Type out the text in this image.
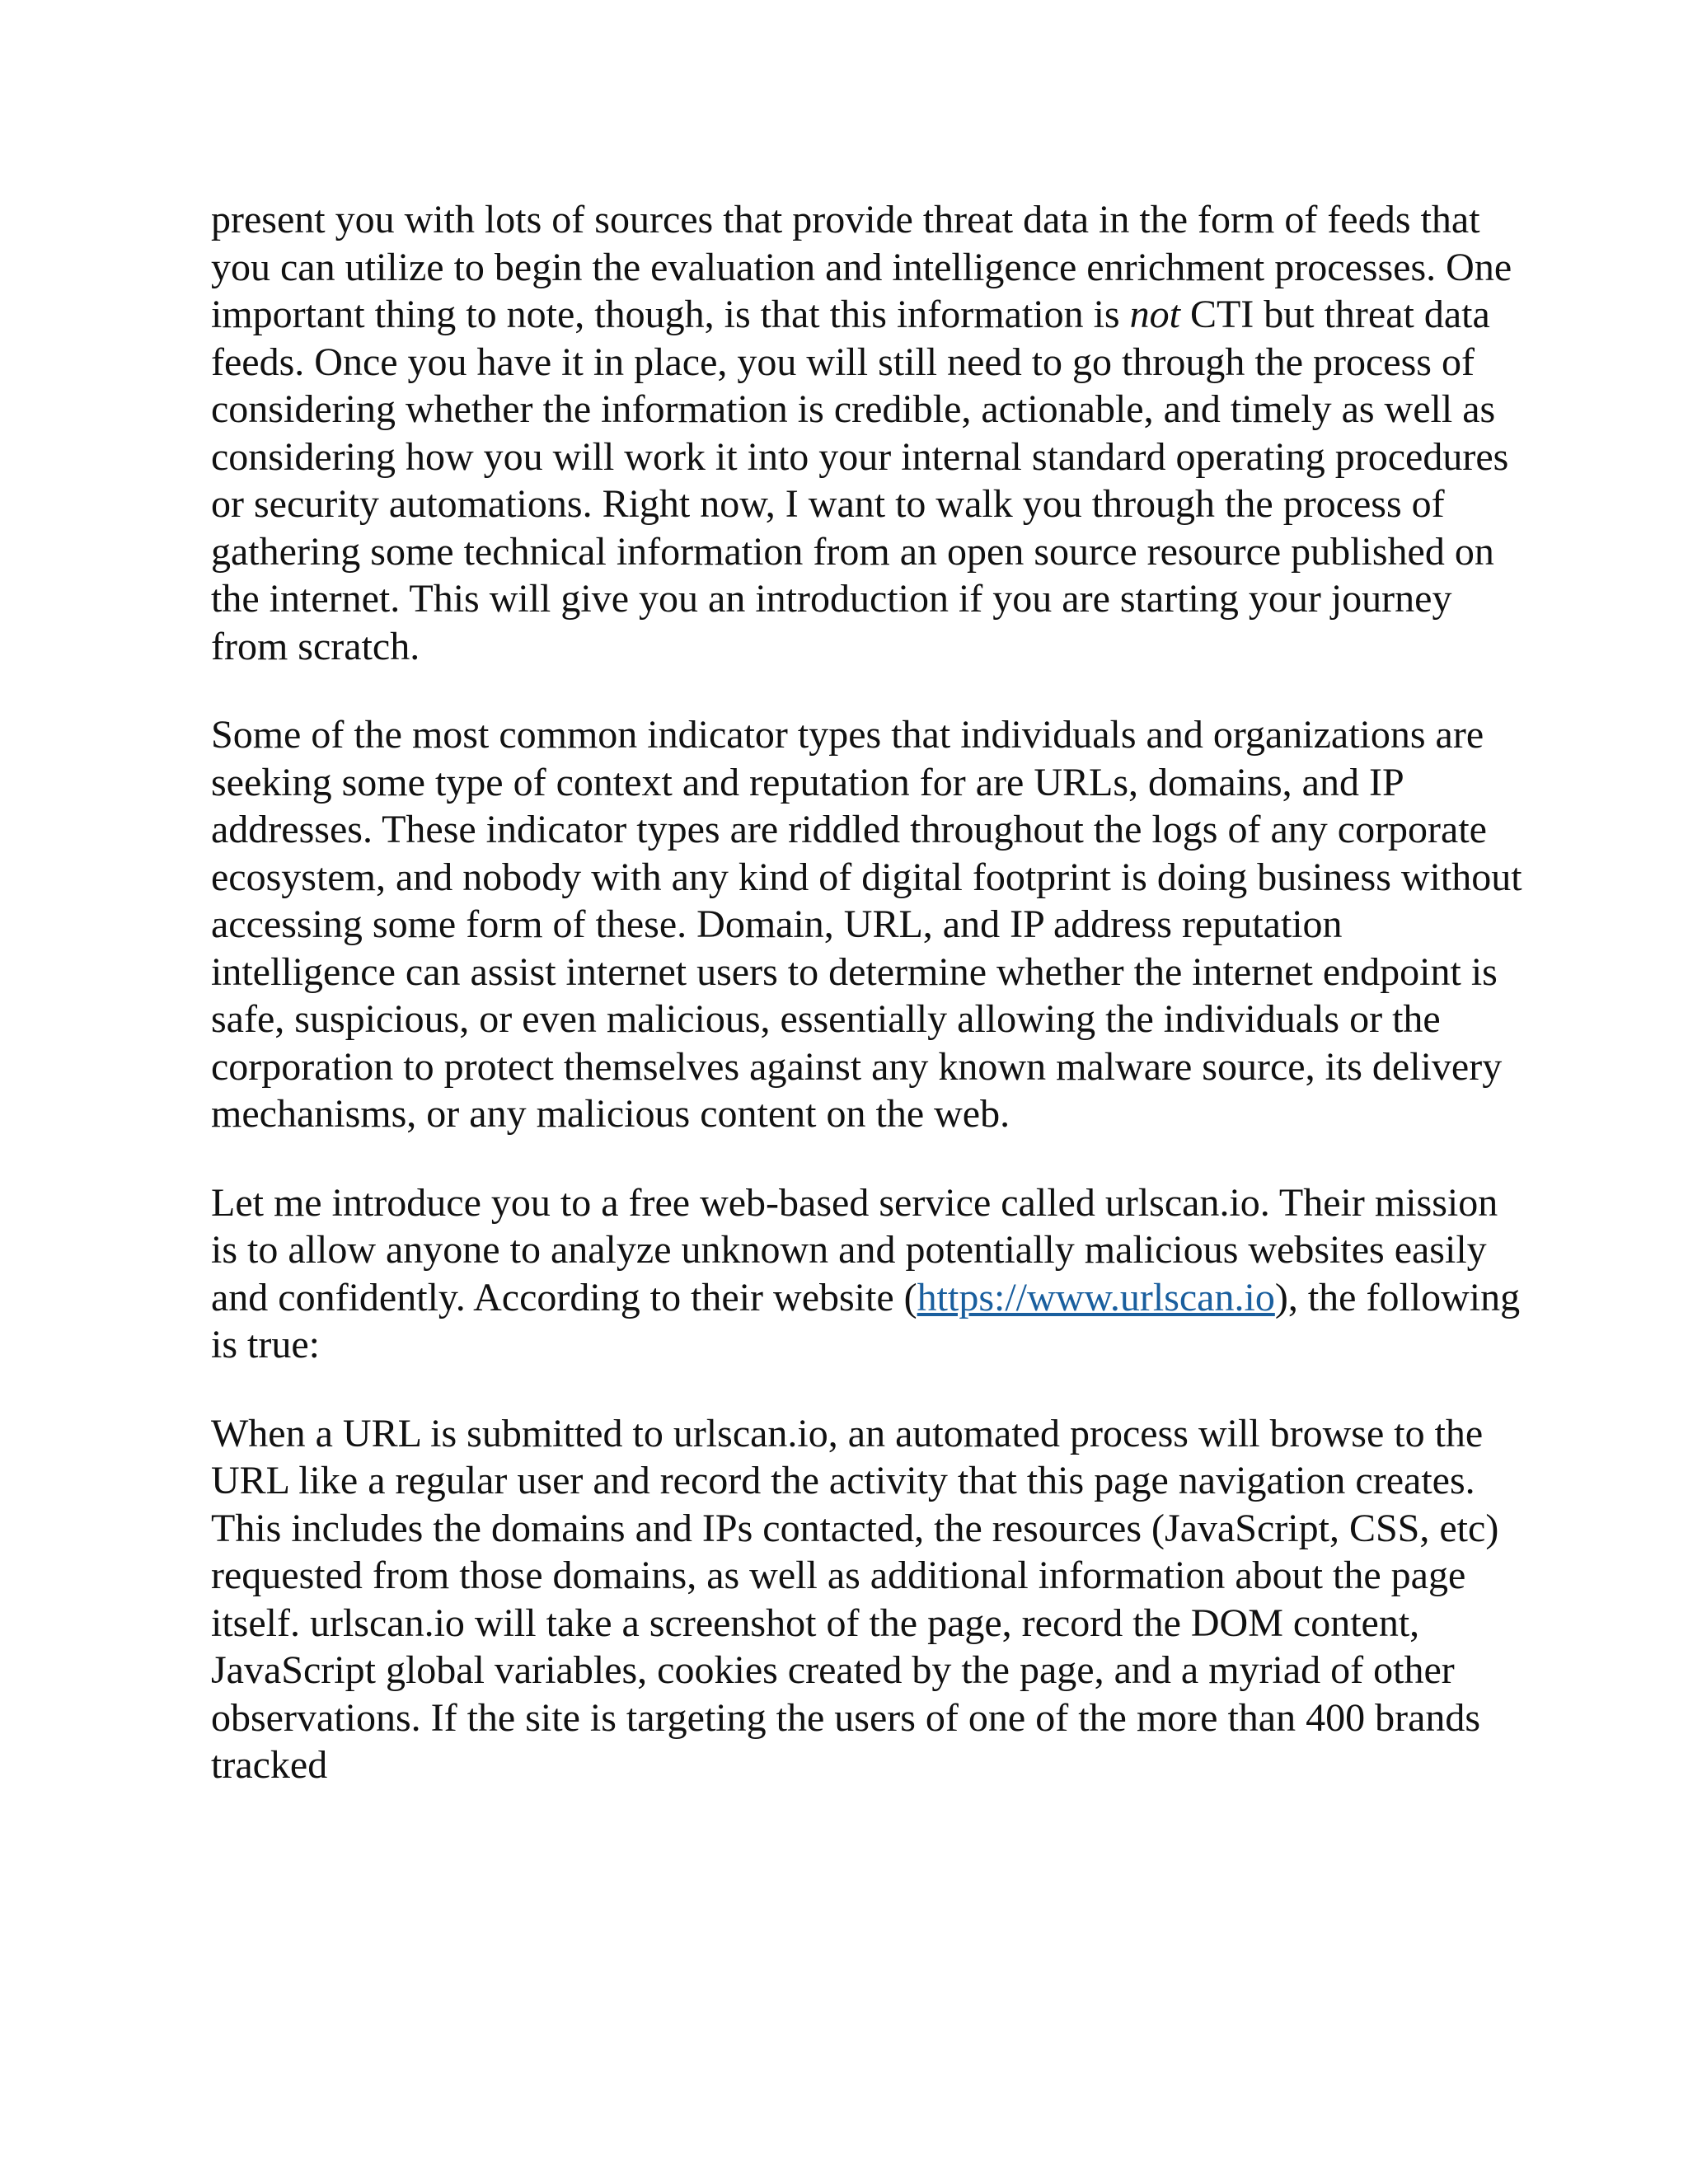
present you with lots of sources that provide threat data in the form of feeds that you can utilize to begin the evaluation and intelligence enrichment processes. One important thing to note, though, is that this information is not CTI but threat data feeds. Once you have it in place, you will still need to go through the process of considering whether the information is credible, actionable, and timely as well as considering how you will work it into your internal standard operating procedures or security automations. Right now, I want to walk you through the process of gathering some technical information from an open source resource published on the internet. This will give you an introduction if you are starting your journey from scratch.

Some of the most common indicator types that individuals and organizations are seeking some type of context and reputation for are URLs, domains, and IP addresses. These indicator types are riddled throughout the logs of any corporate ecosystem, and nobody with any kind of digital footprint is doing business without accessing some form of these. Domain, URL, and IP address reputation intelligence can assist internet users to determine whether the internet endpoint is safe, suspicious, or even malicious, essentially allowing the individuals or the corporation to protect themselves against any known malware source, its delivery mechanisms, or any malicious content on the web.

Let me introduce you to a free web-based service called urlscan.io. Their mission is to allow anyone to analyze unknown and potentially malicious websites easily and confidently. According to their website (https://www.urlscan.io), the following is true:

When a URL is submitted to urlscan.io, an automated process will browse to the URL like a regular user and record the activity that this page navigation creates. This includes the domains and IPs contacted, the resources (JavaScript, CSS, etc) requested from those domains, as well as additional information about the page itself. urlscan.io will take a screenshot of the page, record the DOM content, JavaScript global variables, cookies created by the page, and a myriad of other observations. If the site is targeting the users of one of the more than 400 brands tracked
